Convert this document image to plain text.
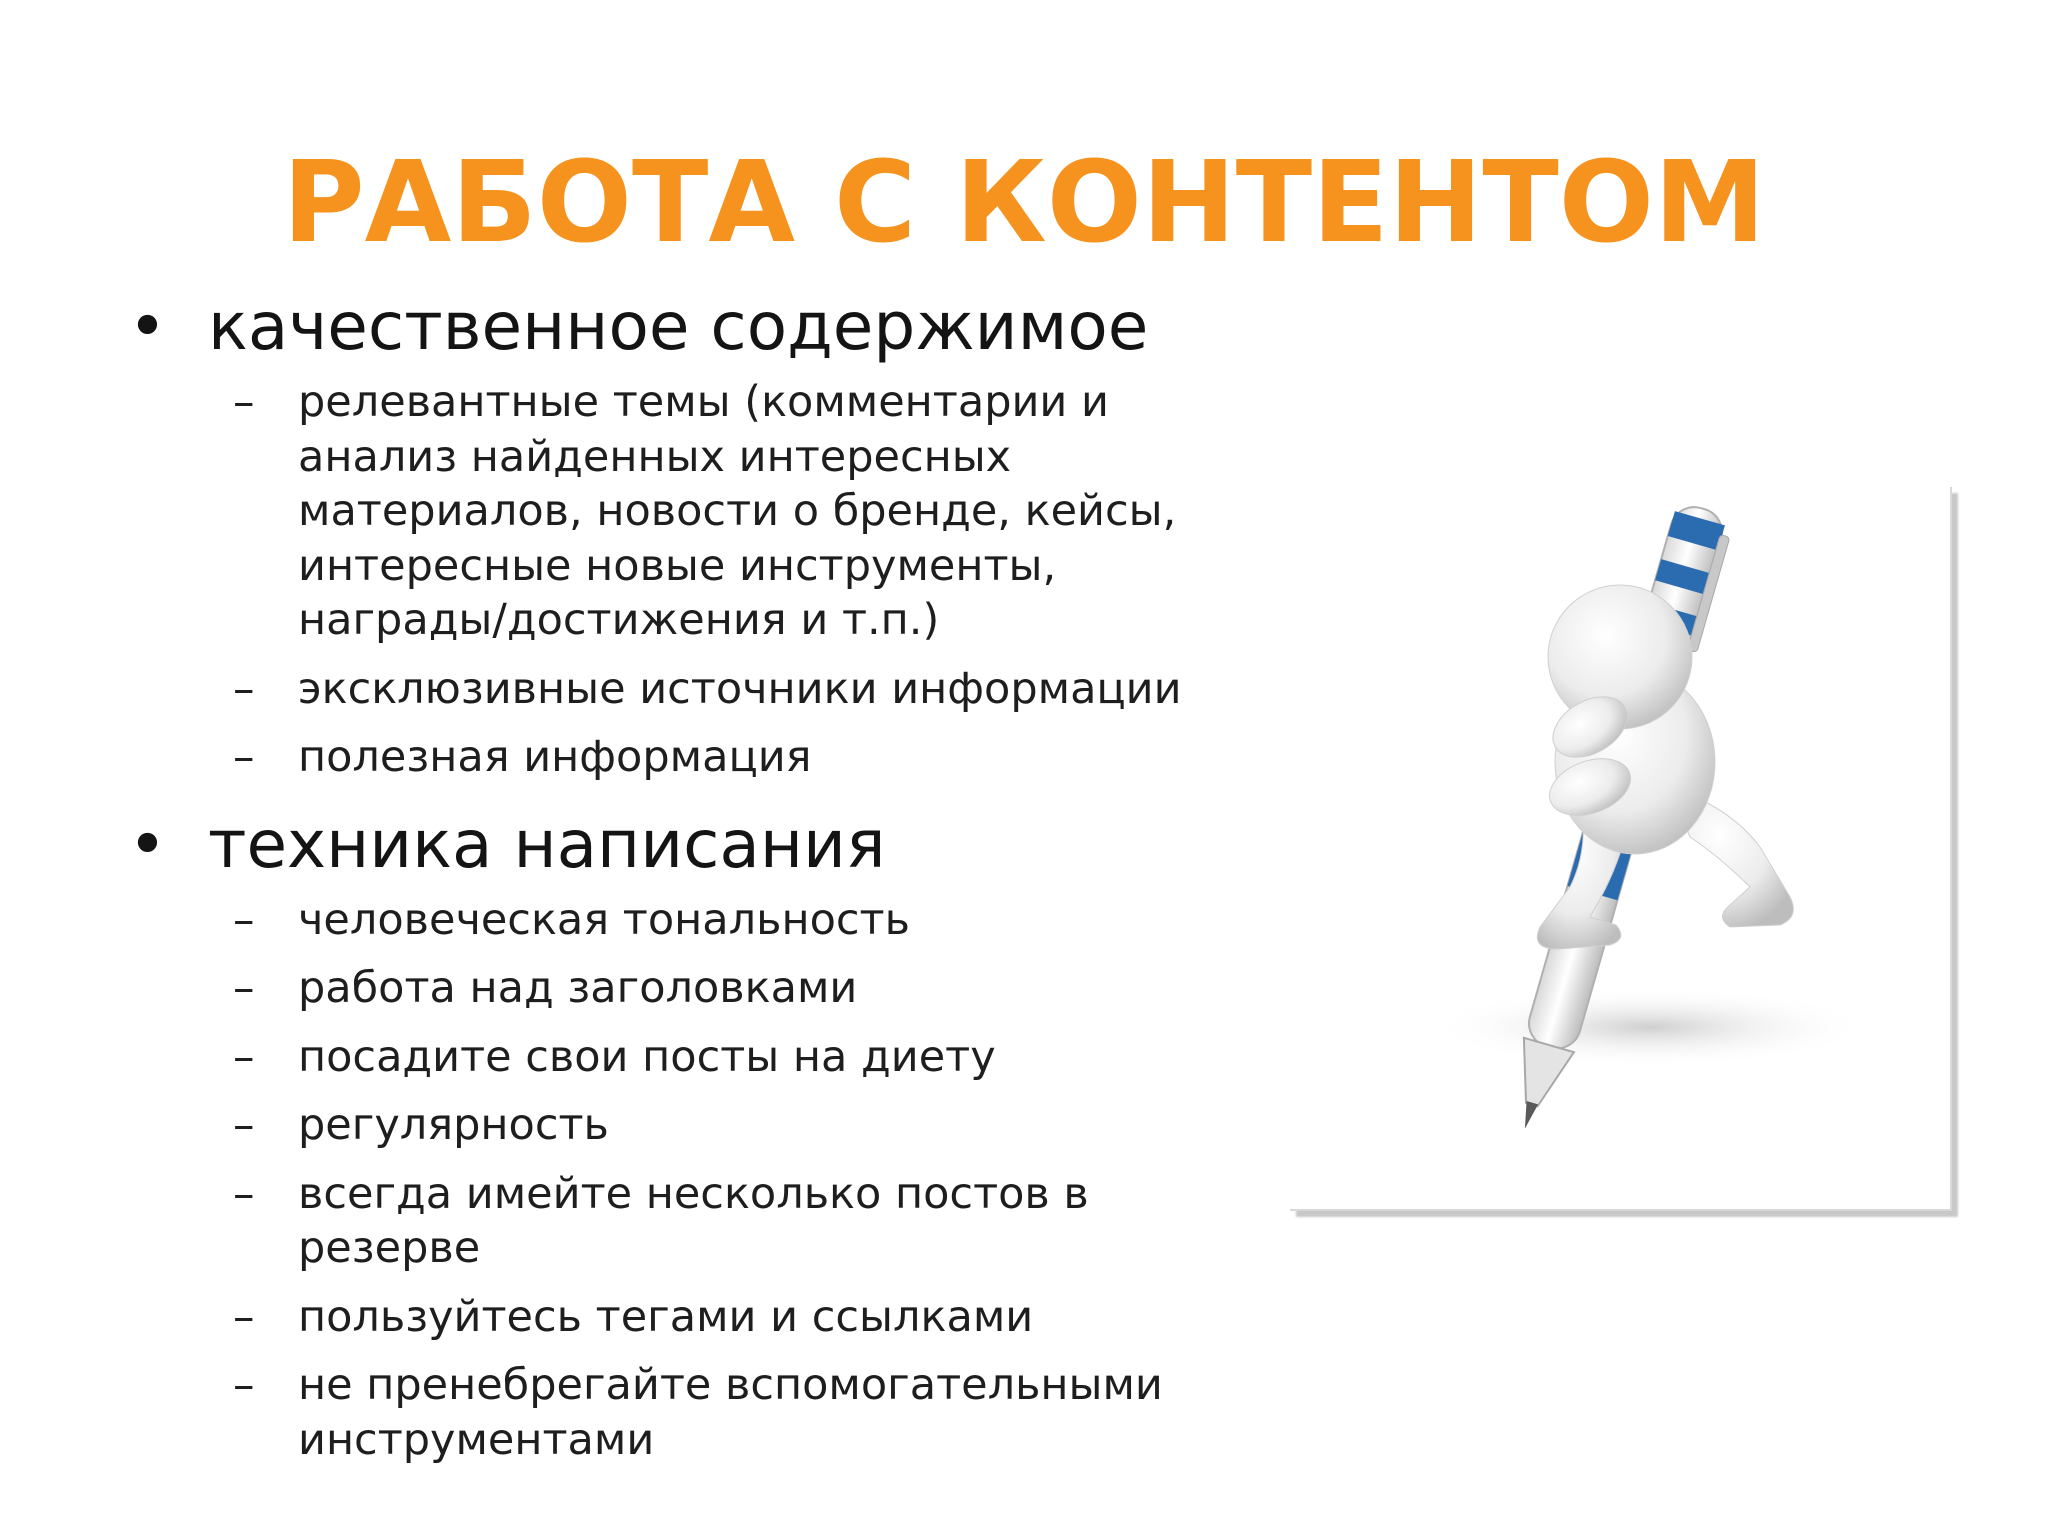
РАБОТА С КОНТЕНТОМ
• качественное содержимое
– релевантные темы (комментарии и
анализ найденных интересных
материалов, новости о бренде, кейсы,
интересные новые инструменты,
награды/достижения и т.п.)
– эксклюзивные источники информации
– полезная информация
• техника написания
– человеческая тональность
– работа над заголовками
– посадите свои посты на диету
– регулярность
– всегда имейте несколько постов в
резерве
– пользуйтесь тегами и ссылками
– не пренебрегайте вспомогательными
инструментами
